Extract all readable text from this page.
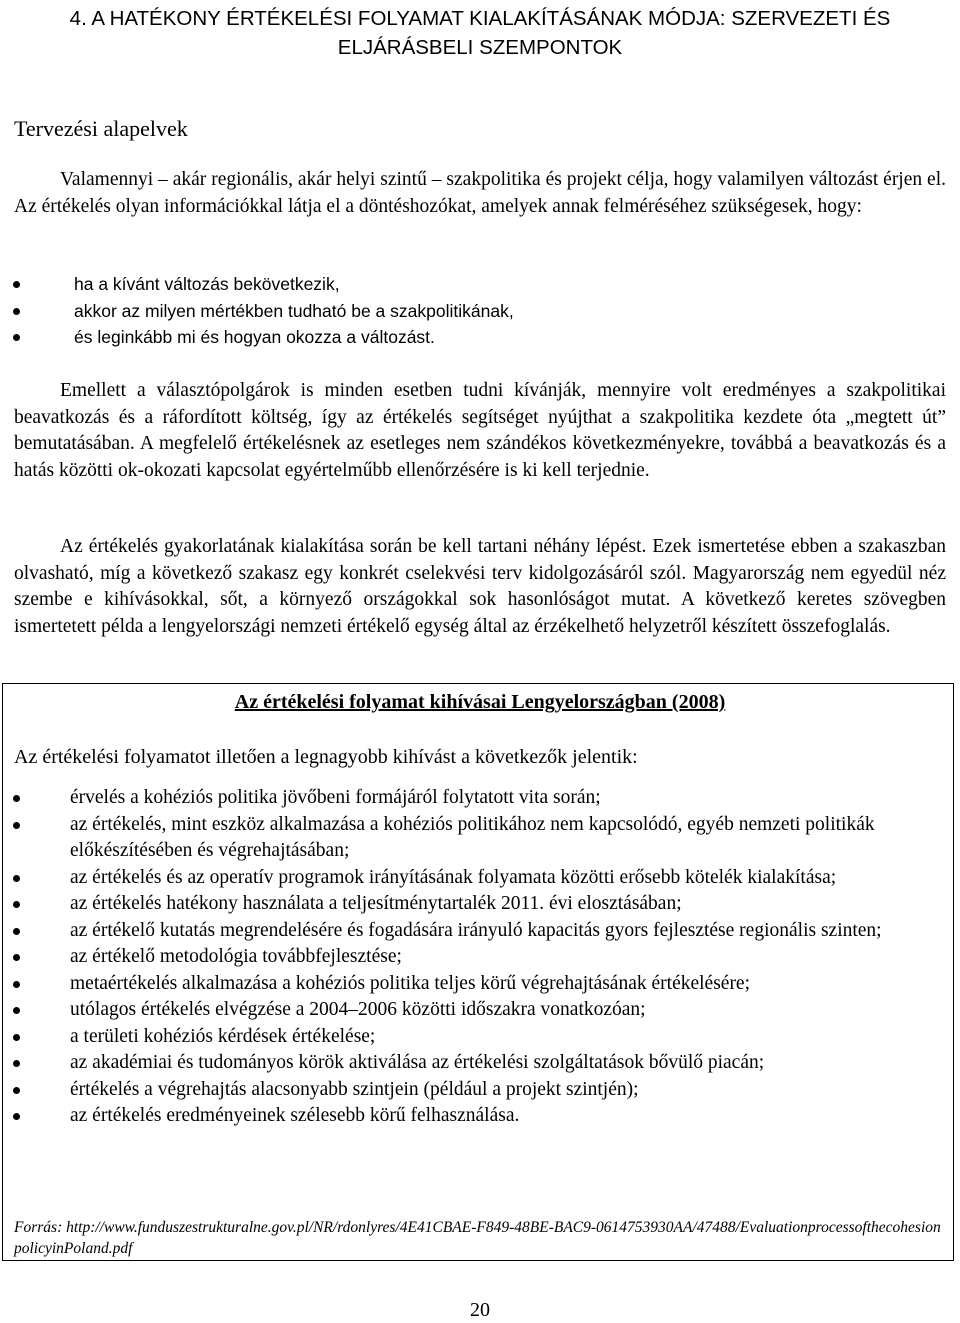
4. A HATÉKONY ÉRTÉKELÉSI FOLYAMAT KIALAKÍTÁSÁNAK MÓDJA: SZERVEZETI ÉS ELJÁRÁSBELI SZEMPONTOK
Tervezési alapelvek

Valamennyi – akár regionális, akár helyi szintű – szakpolitika és projekt célja, hogy valamilyen változást érjen el. Az értékelés olyan információkkal látja el a döntéshozókat, amelyek annak felméréséhez szükségesek, hogy:

ha a kívánt változás bekövetkezik,
akkor az milyen mértékben tudható be a szakpolitikának,
és leginkább mi és hogyan okozza a változást.

Emellett a választópolgárok is minden esetben tudni kívánják, mennyire volt eredményes a szakpolitikai beavatkozás és a ráfordított költség, így az értékelés segítséget nyújthat a szakpolitika kezdete óta „megtett út” bemutatásában. A megfelelő értékelésnek az esetleges nem szándékos következményekre, továbbá a beavatkozás és a hatás közötti ok-okozati kapcsolat egyértelműbb ellenőrzésére is ki kell terjednie.

Az értékelés gyakorlatának kialakítása során be kell tartani néhány lépést. Ezek ismertetése ebben a szakaszban olvasható, míg a következő szakasz egy konkrét cselekvési terv kidolgozásáról szól. Magyarország nem egyedül néz szembe e kihívásokkal, sőt, a környező országokkal sok hasonlóságot mutat. A következő keretes szövegben ismertetett példa a lengyelországi nemzeti értékelő egység által az érzékelhető helyzetről készített összefoglalás.

Az értékelési folyamat kihívásai Lengyelországban (2008)

Az értékelési folyamatot illetően a legnagyobb kihívást a következők jelentik:

érvelés a kohéziós politika jövőbeni formájáról folytatott vita során;
az értékelés, mint eszköz alkalmazása a kohéziós politikához nem kapcsolódó, egyéb nemzeti politikák előkészítésében és végrehajtásában;
az értékelés és az operatív programok irányításának folyamata közötti erősebb kötelék kialakítása;
az értékelés hatékony használata a teljesítménytartalék 2011. évi elosztásában;
az értékelő kutatás megrendelésére és fogadására irányuló kapacitás gyors fejlesztése regionális szinten;
az értékelő metodológia továbbfejlesztése;
metaértékelés alkalmazása a kohéziós politika teljes körű végrehajtásának értékelésére;
utólagos értékelés elvégzése a 2004–2006 közötti időszakra vonatkozóan;
a területi kohéziós kérdések értékelése;
az akadémiai és tudományos körök aktiválása az értékelési szolgáltatások bővülő piacán;
értékelés a végrehajtás alacsonyabb szintjein (például a projekt szintjén);
az értékelés eredményeinek szélesebb körű felhasználása.

Forrás: http://www.funduszestrukturalne.gov.pl/NR/rdonlyres/4E41CBAE-F849-48BE-BAC9-0614753930AA/47488/EvaluationprocessofthecohesionpolicyinPoland.pdf

20
